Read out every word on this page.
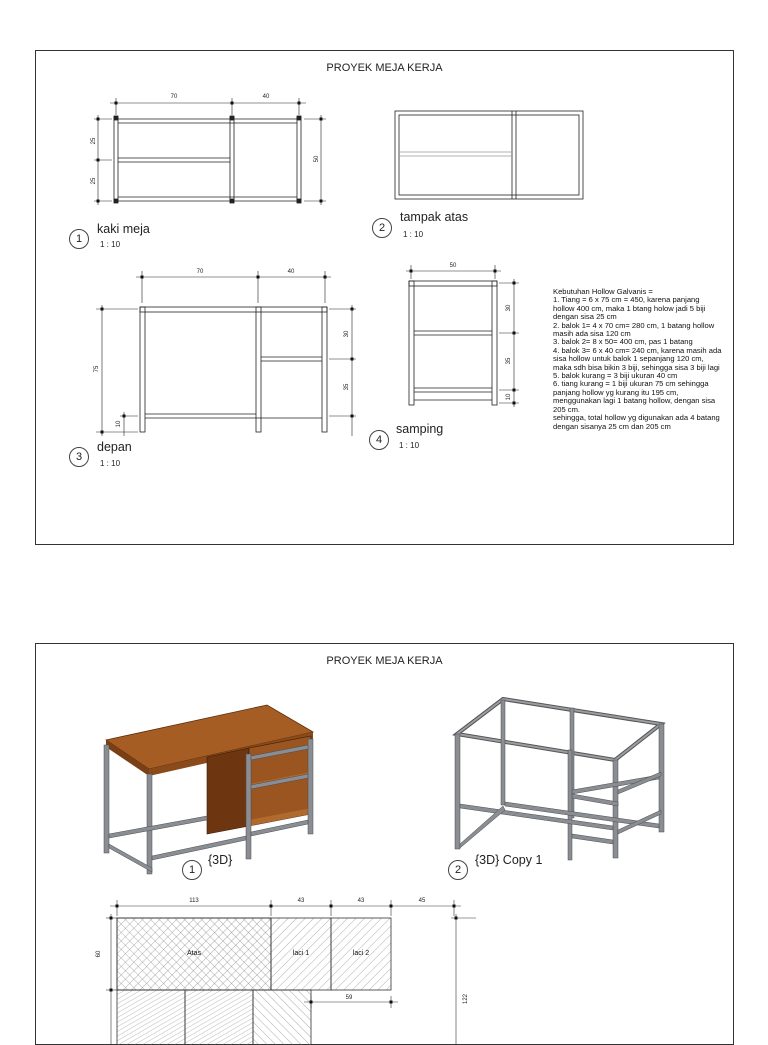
PROYEK MEJA KERJA
70	40
25
25
50
70	40
75
10
30
35
50
30
35
10
1
kaki meja
1 : 10
2
tampak atas
1 : 10
3
depan
1 : 10
4
samping
1 : 10
Kebutuhan Hollow Galvanis =
1. Tiang = 6 x 75 cm = 450, karena panjang hollow 400 cm, maka 1 btang holow jadi 5 biji dengan sisa 25 cm
2. balok 1= 4 x 70 cm= 280 cm, 1 batang hollow masih ada sisa 120 cm
3. balok 2= 8 x 50= 400 cm, pas 1 batang
4. balok 3= 6 x 40 cm= 240 cm, karena masih ada sisa hollow untuk balok 1 sepanjang 120 cm, maka sdh bisa bikin 3 biji, sehingga sisa 3 biji lagi
5. balok kurang = 3 biji ukuran 40 cm
6. tiang kurang = 1 biji ukuran 75 cm sehingga panjang hollow yg kurang itu 195 cm, menggunakan lagi 1 batang hollow, dengan sisa 205 cm.
sehingga, total hollow yg digunakan ada 4 batang dengan sisanya 25 cm dan 205 cm
PROYEK MEJA KERJA
113	43	43	45
60
122
59
Atas	laci 1	laci 2
1
{3D}
2
{3D} Copy 1
